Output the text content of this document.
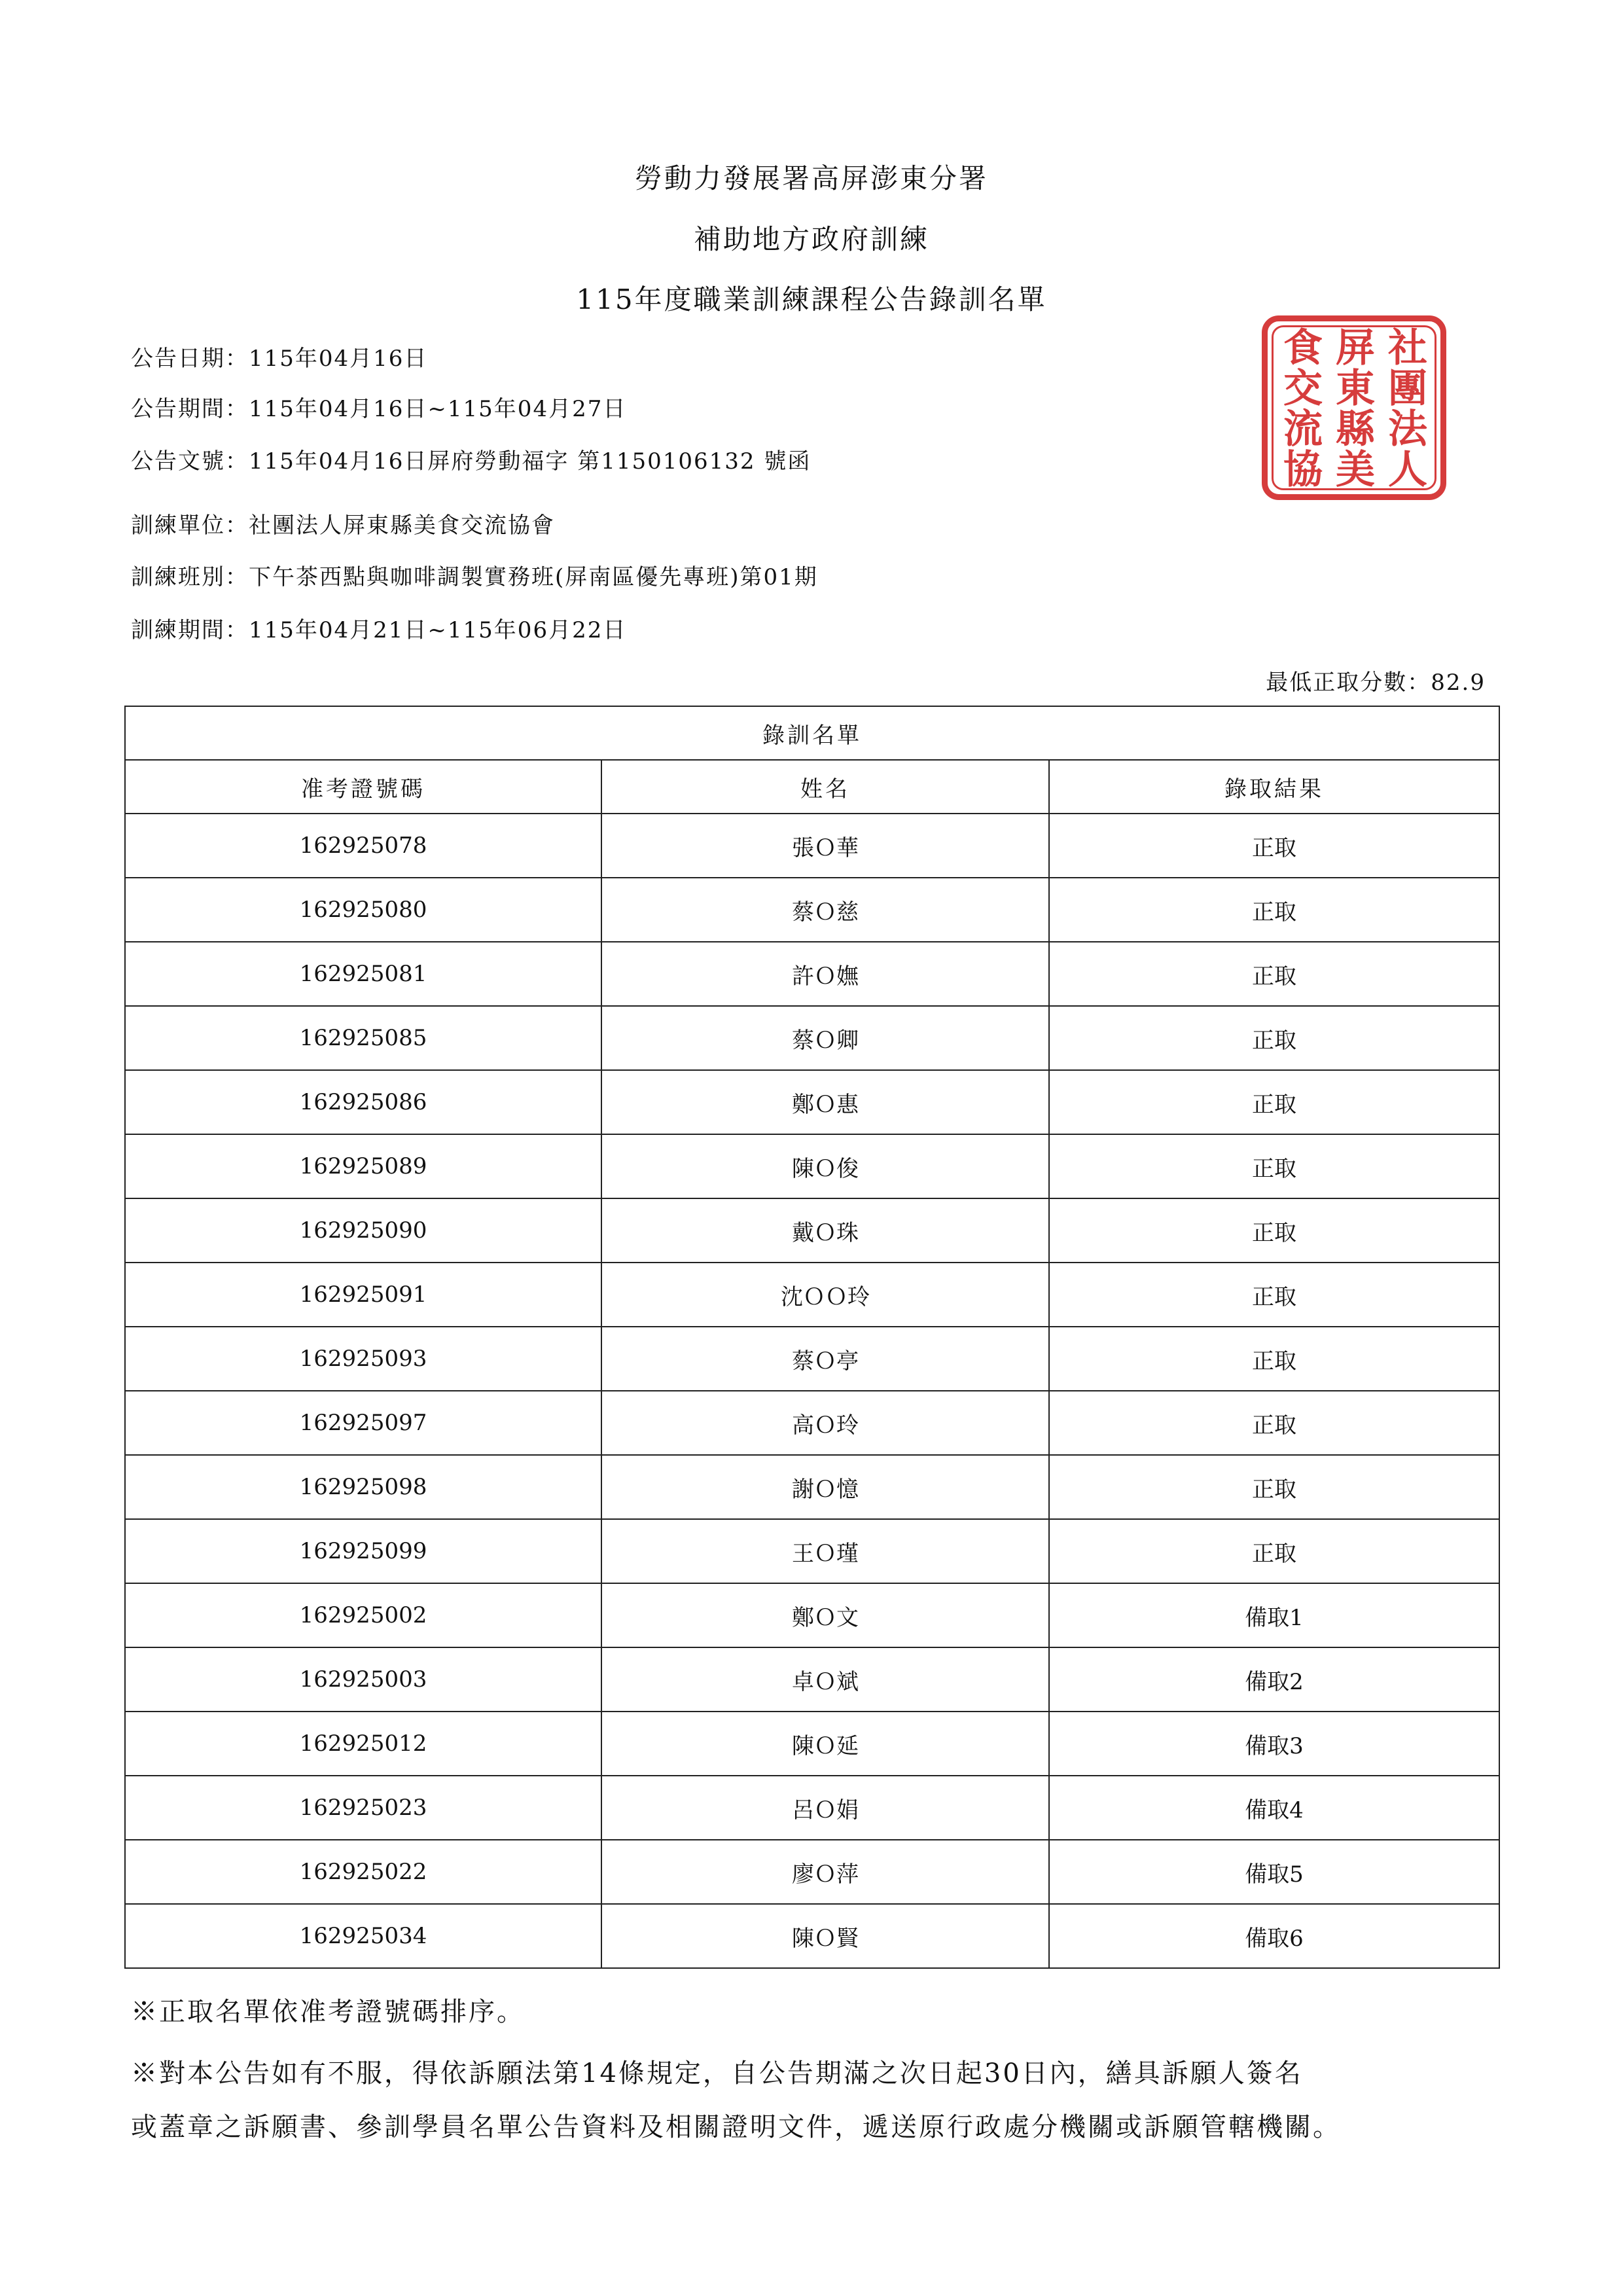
勞動力發展署高屏澎東分署
補助地方政府訓練
115年度職業訓練課程公告錄訓名單
公告日期：115年04月16日
公告期間：115年04月16日~115年04月27日
公告文號：115年04月16日屏府勞動福字 第1150106132 號函
訓練單位：社團法人屏東縣美食交流協會
訓練班別：下午茶西點與咖啡調製實務班(屏南區優先專班)第01期
訓練期間：115年04月21日~115年06月22日
食 屏 社
交 東 團
流 縣 法
協 美 人
最低正取分數：82.9
錄訓名單		
准考證號碼	姓名	錄取結果
162925078	張Ｏ華	正取
162925080	蔡Ｏ慈	正取
162925081	許Ｏ嫵	正取
162925085	蔡Ｏ卿	正取
162925086	鄭Ｏ惠	正取
162925089	陳Ｏ俊	正取
162925090	戴Ｏ珠	正取
162925091	沈ＯＯ玲	正取
162925093	蔡Ｏ亭	正取
162925097	高Ｏ玲	正取
162925098	謝Ｏ憶	正取
162925099	王Ｏ瑾	正取
162925002	鄭Ｏ文	備取1
162925003	卓Ｏ斌	備取2
162925012	陳Ｏ延	備取3
162925023	呂Ｏ娟	備取4
162925022	廖Ｏ萍	備取5
162925034	陳Ｏ賢	備取6
※正取名單依准考證號碼排序。
※對本公告如有不服，得依訴願法第14條規定，自公告期滿之次日起30日內，繕具訴願人簽名
或蓋章之訴願書、參訓學員名單公告資料及相關證明文件，遞送原行政處分機關或訴願管轄機關。
